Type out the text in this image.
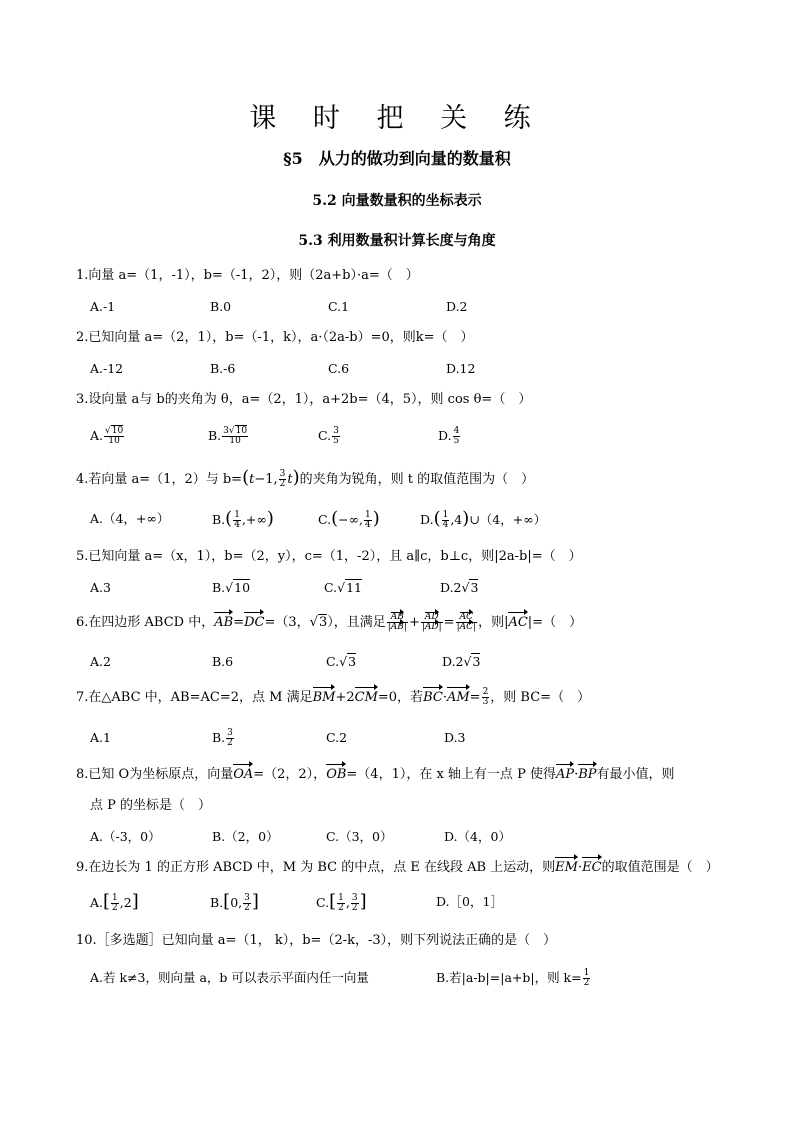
课 时 把 关 练
§5　从力的做功到向量的数量积
5.2 向量数量积的坐标表示
5.3 利用数量积计算长度与角度
1.向量 a=（1，-1），b=（-1，2），则（2a+b）·a=（　）
A.-1	B.0	C.1	D.2
2.已知向量 a=（2，1），b=（-1，k），a·（2a-b）=0，则k=（　）
A.-12	B.-6	C.6	D.12
3.设向量 a与 b的夹角为 θ，a=（2，1），a+2b=（4，5），则 cos θ=（　）
A. $\frac{√10}{10}$	B. $\frac{3√10}{10}$	C. $\frac{3}{5}$	D. $\frac{4}{5}$
4.若向量 a=（1，2）与 b=(t−1, $\frac{3}{2} t$)的夹角为锐角，则 t 的取值范围为（　）
A.（4，+∞）	$B.( \frac{1}{4}$ ,+∞)	C.(−∞, $\frac{1}{4}$ )	$D.( \frac{1}{4}$ ,4)∪（4，+∞）
5.已知向量 a=（x，1），b=（2，y），c=（1，-2），且 a∥c，b⊥c，则|2a-b|=（　）
A.3	B.√10	C.√11	D.2√3
6.在四边形 ABCD 中，AB=DC=（3，√3），且满足 $\frac{AB}{|AB|} + \frac{AD}{|AD|} = \frac{AC}{|AC|}$ ，则|AC|=（　）
A.2	B.6	C.√3	D.2√3
7.在△ABC 中，AB=AC=2，点 M 满足BM+2CM=0，若$BC\cdot AM= \frac{2}{3}$ ，则 BC=（　）
A.1	B. $\frac{3}{2}$	C.2	D.3
8.已知 O为坐标原点，向量OA=（2，2），OB=（4，1），在 x 轴上有一点 P 使得AP·BP有最小值，则
点 P 的坐标是（　）
A.（-3，0）	B.（2，0）	C.（3，0）	D.（4，0）
9.在边长为 1 的正方形 ABCD 中，M 为 BC 的中点，点 E 在线段 AB 上运动，则EM·EC的取值范围是（　）
$A.[ \frac{1}{2} ,2]$	B.[0, $\frac{3}{2}$ ]	$C.[ \frac{1}{2}$ , $\frac{3}{2}$ ]	D.［0，1］
10.［多选题］已知向量 a=（1， k），b=（2-k，-3），则下列说法正确的是（　）
A.若 k≠3，则向量 a，b 可以表示平面内任一向量	B.若|a-b|=|a+b|，则 $k= \frac{1}{2}$
